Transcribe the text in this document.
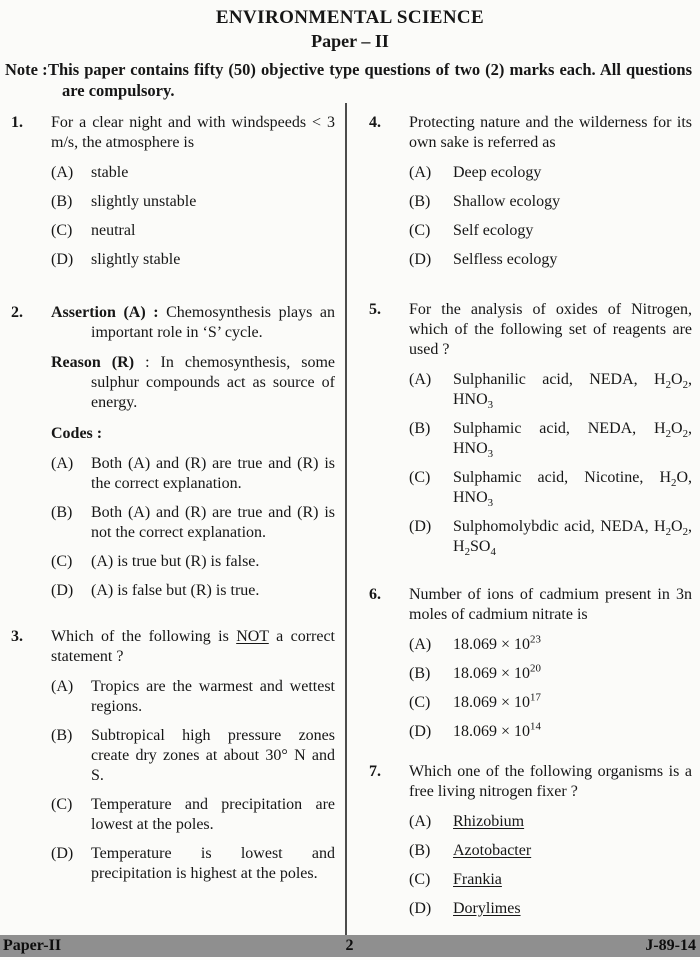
ENVIRONMENTAL SCIENCE
Paper – II
Note : This paper contains fifty (50) objective type questions of two (2) marks each. All questions are compulsory.
1.	For a clear night and with windspeeds < 3 m/s, the atmosphere is
(A)	stable
(B)	slightly unstable
(C)	neutral
(D)	slightly stable
2.	Assertion (A) : Chemosynthesis plays an important role in ‘S’ cycle.
Reason (R) : In chemosynthesis, some sulphur compounds act as source of energy.
Codes :
(A)	Both (A) and (R) are true and (R) is the correct explanation.
(B)	Both (A) and (R) are true and (R) is not the correct explanation.
(C)	(A) is true but (R) is false.
(D)	(A) is false but (R) is true.
3.	Which of the following is NOT a correct statement ?
(A)	Tropics are the warmest and wettest regions.
(B)	Subtropical high pressure zones create dry zones at about 30° N and S.
(C)	Temperature and precipitation are lowest at the poles.
(D)	Temperature is lowest and precipitation is highest at the poles.
4.	Protecting nature and the wilderness for its own sake is referred as
(A)	Deep ecology
(B)	Shallow ecology
(C)	Self ecology
(D)	Selfless ecology
5.	For the analysis of oxides of Nitrogen, which of the following set of reagents are used ?
(A)	Sulphanilic acid, NEDA, $H_2O_2$, $HNO_3$
(B)	Sulphamic acid, NEDA, $H_2O_2$, $HNO_3$
(C)	Sulphamic acid, Nicotine, $H_2O$, $HNO_3$
(D)	Sulphomolybdic acid, NEDA, $H_2O_2$, $H_2SO_4$
6.	Number of ions of cadmium present in 3n moles of cadmium nitrate is
(A)	$18.069 \times 10^{23}$
(B)	$18.069 \times 10^{20}$
(C)	$18.069 \times 10^{17}$
(D)	$18.069 \times 10^{14}$
7.	Which one of the following organisms is a free living nitrogen fixer ?
(A)	Rhizobium
(B)	Azotobacter
(C)	Frankia
(D)	Dorylimes
Paper-II	2	J-89-14
